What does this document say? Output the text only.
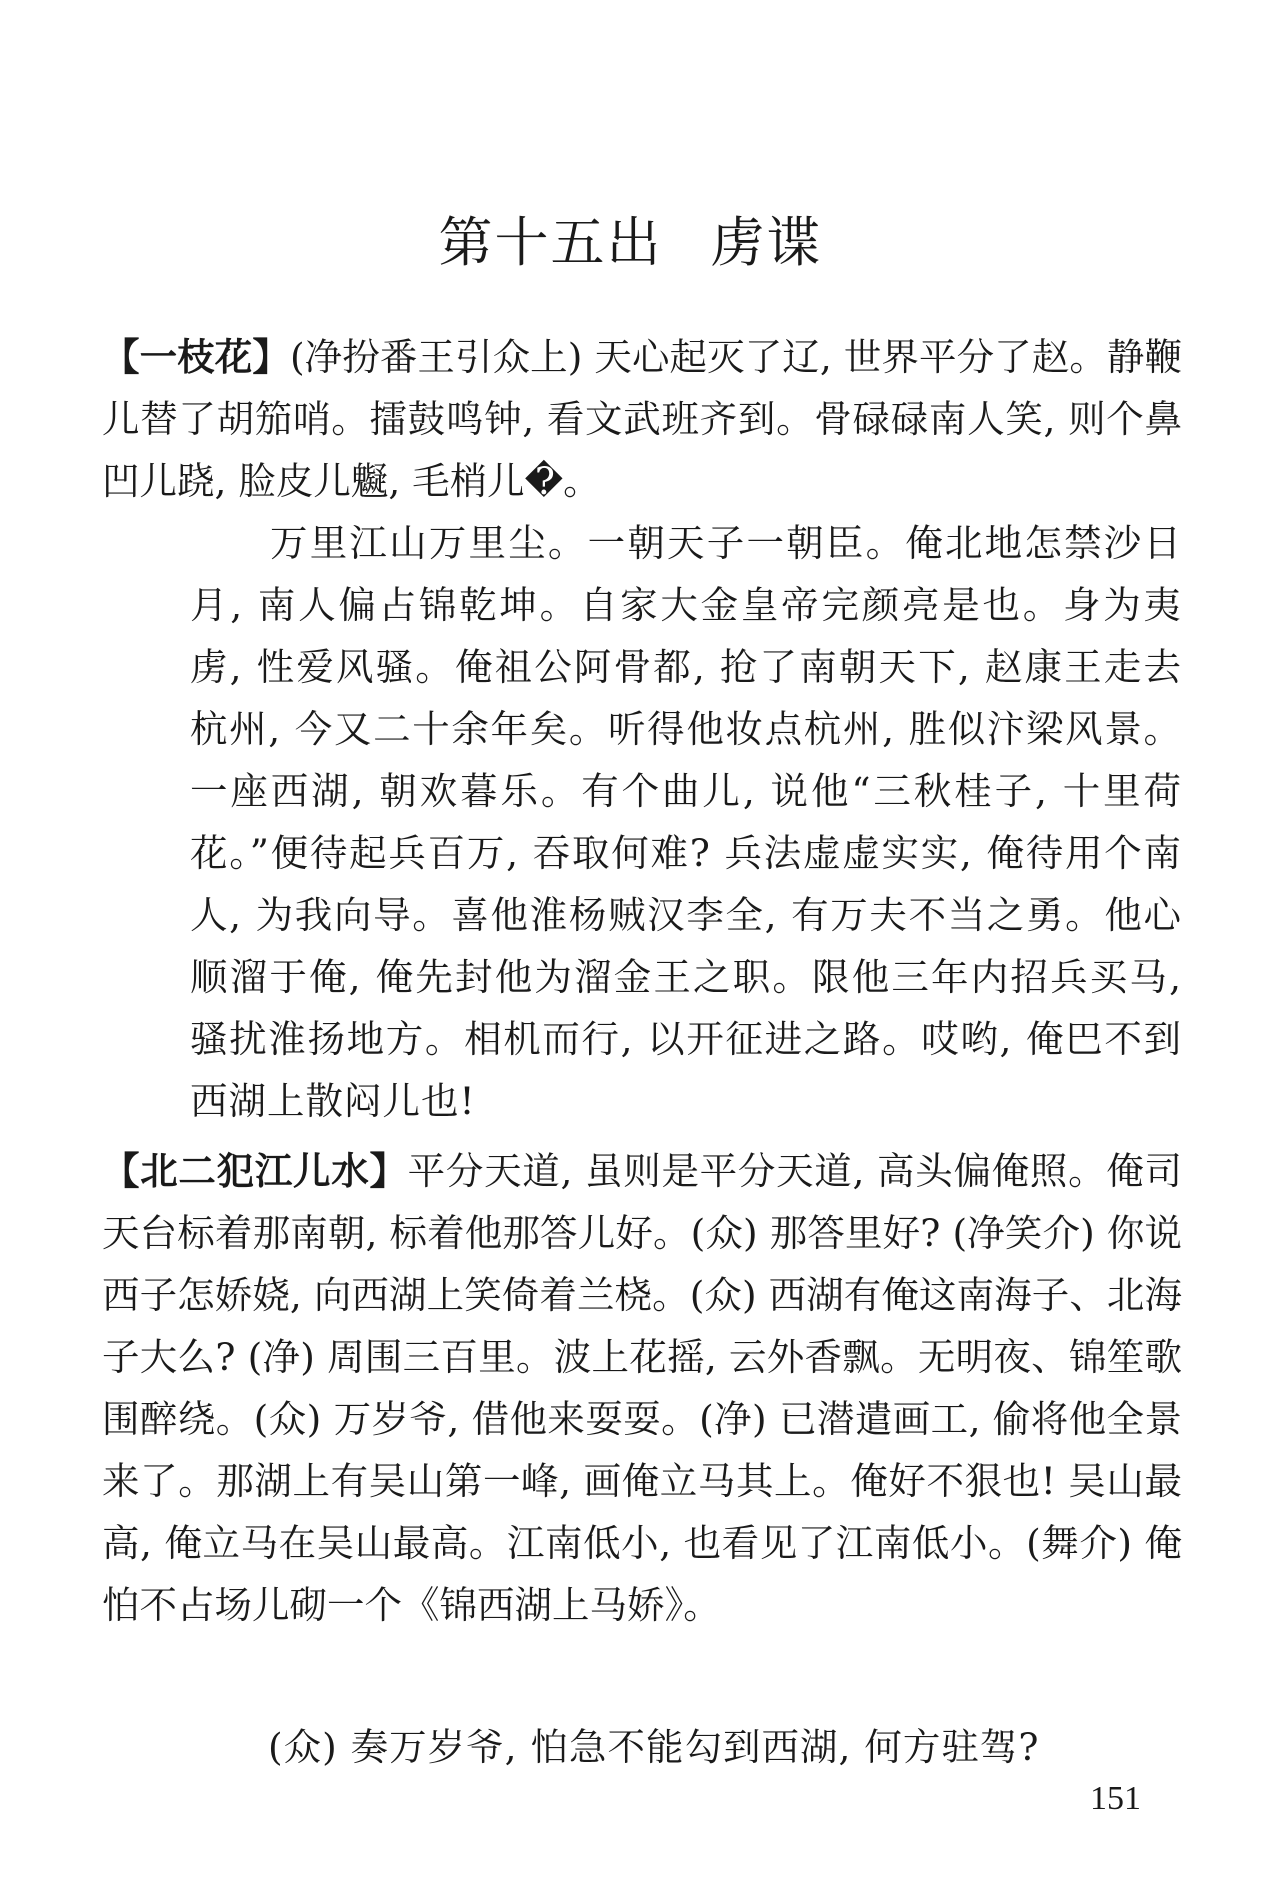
第十五出 虏谍

【一枝花】(净扮番王引众上) 天心起灭了辽, 世界平分了赵。静鞭儿替了胡笳哨。擂鼓鸣钟, 看文武班齐到。骨碌碌南人笑, 则个鼻凹儿跷, 脸皮儿䰯, 毛梢儿�。

万里江山万里尘。一朝天子一朝臣。俺北地怎禁沙日月, 南人偏占锦乾坤。自家大金皇帝完颜亮是也。身为夷虏, 性爱风骚。俺祖公阿骨都, 抢了南朝天下, 赵康王走去杭州, 今又二十余年矣。听得他妆点杭州, 胜似汴梁风景。一座西湖, 朝欢暮乐。有个曲儿, 说他“三秋桂子, 十里荷花。”便待起兵百万, 吞取何难? 兵法虚虚实实, 俺待用个南人, 为我向导。喜他淮杨贼汉李全, 有万夫不当之勇。他心顺溜于俺, 俺先封他为溜金王之职。限他三年内招兵买马, 骚扰淮扬地方。相机而行, 以开征进之路。哎哟, 俺巴不到西湖上散闷儿也!

【北二犯江儿水】平分天道, 虽则是平分天道, 高头偏俺照。俺司天台标着那南朝, 标着他那答儿好。(众) 那答里好? (净笑介) 你说西子怎娇娆, 向西湖上笑倚着兰桡。(众) 西湖有俺这南海子、北海子大么? (净) 周围三百里。波上花摇, 云外香飘。无明夜、锦笙歌围醉绕。(众) 万岁爷, 借他来耍耍。(净) 已潜遣画工, 偷将他全景来了。那湖上有吴山第一峰, 画俺立马其上。俺好不狠也! 吴山最高, 俺立马在吴山最高。江南低小, 也看见了江南低小。(舞介) 俺怕不占场儿砌一个《锦西湖上马娇》。

(众) 奏万岁爷, 怕急不能勾到西湖, 何方驻驾?

151
